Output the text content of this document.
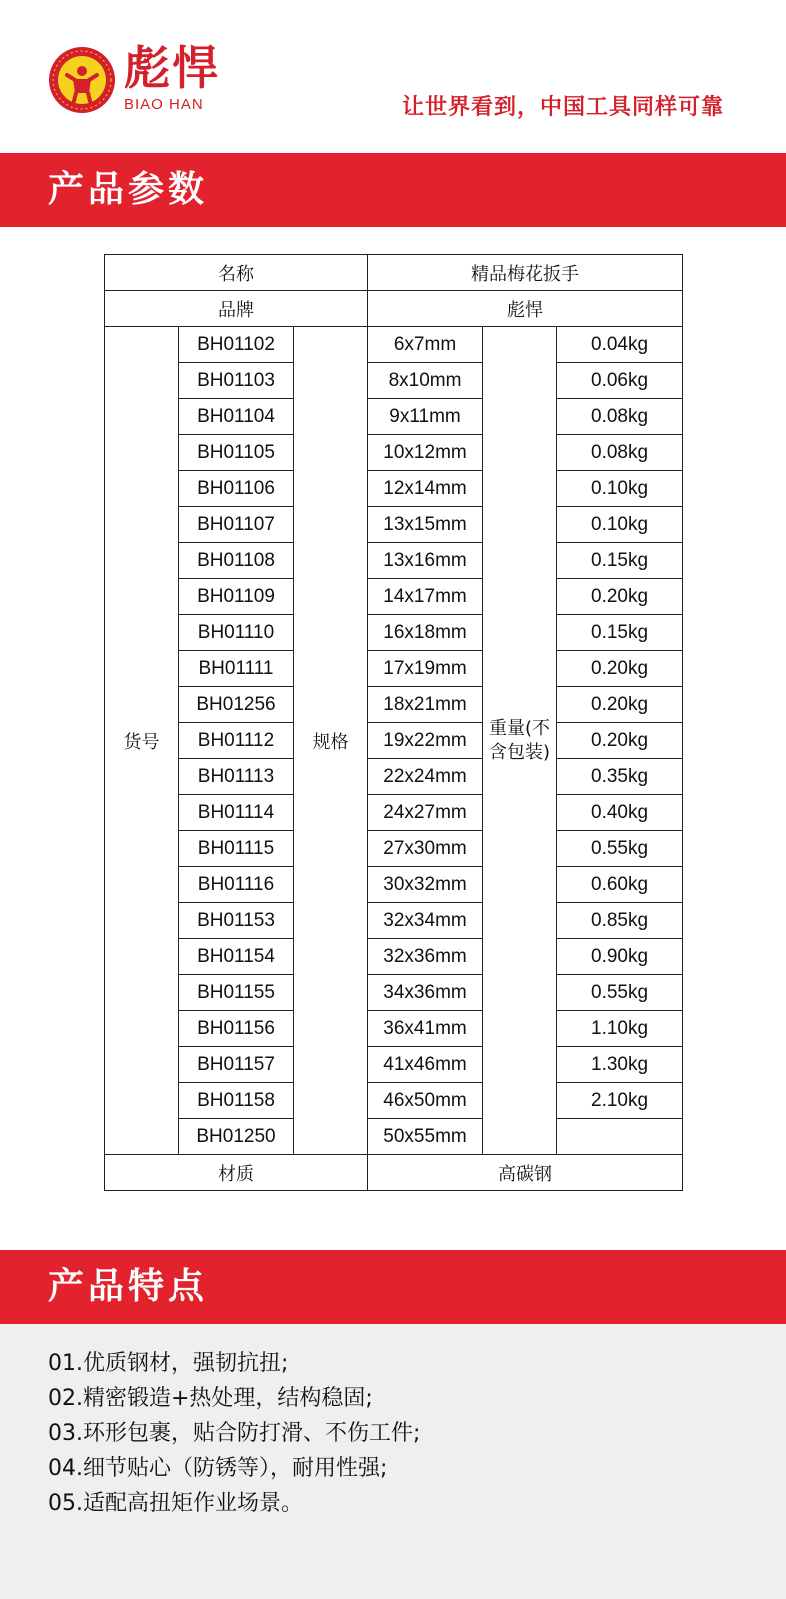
彪悍
BIAO HAN	让世界看到，中国工具同样可靠
产品参数
名称			精品梅花扳手		
品牌			彪悍		
货号	BH01102	规格	6x7mm	重量(不含包装)	0.04kg
	BH01103		8x10mm		0.06kg
	BH01104		9x11mm		0.08kg
	BH01105		10x12mm		0.08kg
	BH01106		12x14mm		0.10kg
	BH01107		13x15mm		0.10kg
	BH01108		13x16mm		0.15kg
	BH01109		14x17mm		0.20kg
	BH01110		16x18mm		0.15kg
	BH01111		17x19mm		0.20kg
	BH01256		18x21mm		0.20kg
	BH01112		19x22mm		0.20kg
	BH01113		22x24mm		0.35kg
	BH01114		24x27mm		0.40kg
	BH01115		27x30mm		0.55kg
	BH01116		30x32mm		0.60kg
	BH01153		32x34mm		0.85kg
	BH01154		32x36mm		0.90kg
	BH01155		34x36mm		0.55kg
	BH01156		36x41mm		1.10kg
	BH01157		41x46mm		1.30kg
	BH01158		46x50mm		2.10kg
	BH01250		50x55mm		
材质			高碳钢		
产品特点
01.优质钢材，强韧抗扭;
02.精密锻造+热处理，结构稳固;
03.环形包裹，贴合防打滑、不伤工件;
04.细节贴心（防锈等），耐用性强;
05.适配高扭矩作业场景。
